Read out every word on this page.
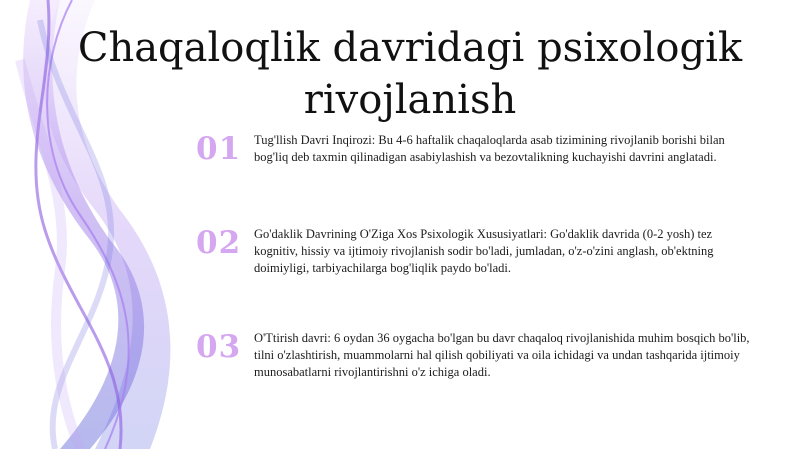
Chaqaloqlik davridagi psixologik rivojlanish
01	Tug'llish Davri Inqirozi: Bu 4-6 haftalik chaqaloqlarda asab tizimining rivojlanib borishi bilan bog'liq deb taxmin qilinadigan asabiylashish va bezovtalikning kuchayishi davrini anglatadi.
02	Go'daklik Davrining O'Ziga Xos Psixologik Xususiyatlari: Go'daklik davrida (0-2 yosh) tez kognitiv, hissiy va ijtimoiy rivojlanish sodir bo'ladi, jumladan, o'z-o'zini anglash, ob'ektning doimiyligi, tarbiyachilarga bog'liqlik paydo bo'ladi.
03	O'Ttirish davri: 6 oydan 36 oygacha bo'lgan bu davr chaqaloq rivojlanishida muhim bosqich bo'lib, tilni o'zlashtirish, muammolarni hal qilish qobiliyati va oila ichidagi va undan tashqarida ijtimoiy munosabatlarni rivojlantirishni o'z ichiga oladi.
